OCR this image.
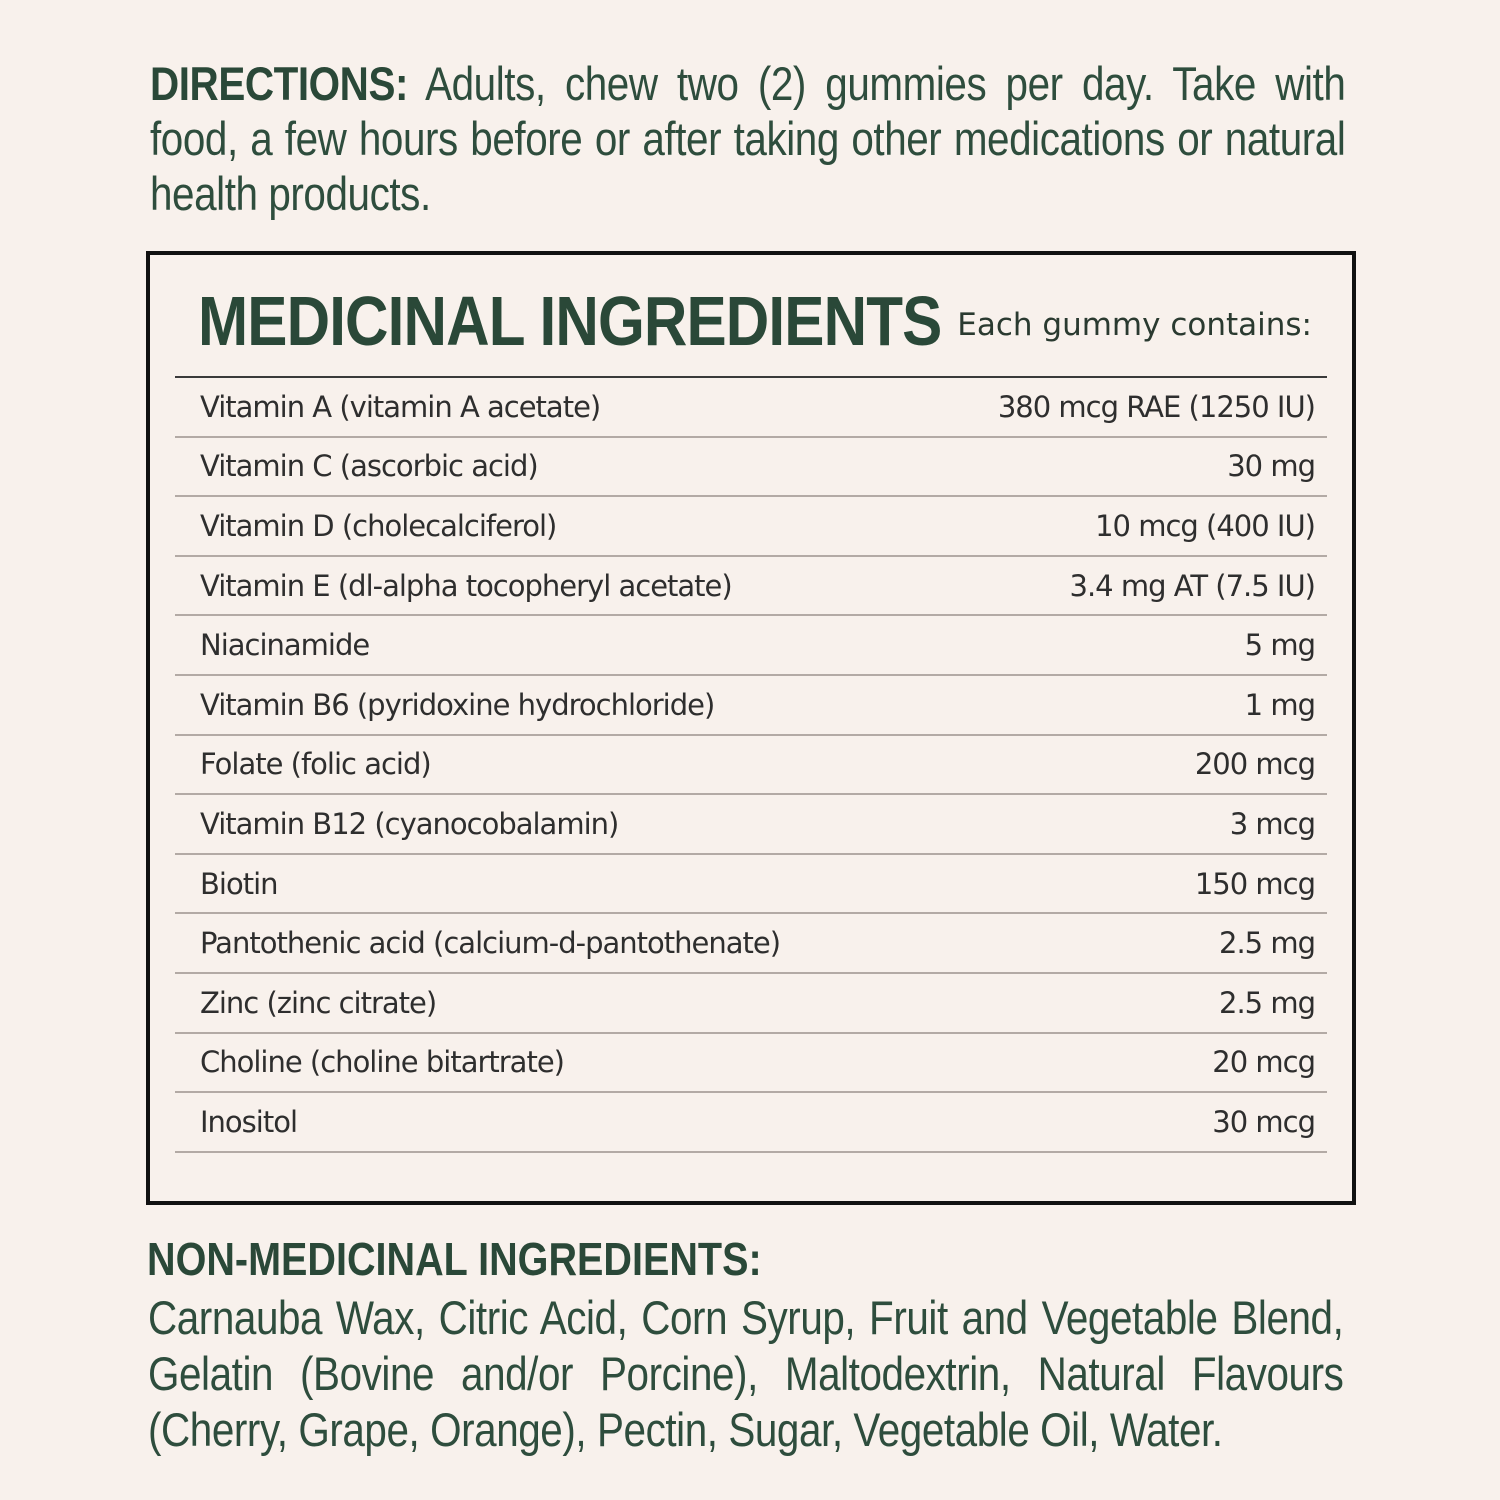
DIRECTIONS: Adults, chew two (2) gummies per day. Take with food, a few hours before or after taking other medications or natural health products.
MEDICINAL INGREDIENTS Each gummy contains:
Vitamin A (vitamin A acetate)	380 mcg RAE (1250 IU)
Vitamin C (ascorbic acid)	30 mg
Vitamin D (cholecalciferol)	10 mcg (400 IU)
Vitamin E (dl-alpha tocopheryl acetate)	3.4 mg AT (7.5 IU)
Niacinamide	5 mg
Vitamin B6 (pyridoxine hydrochloride)	1 mg
Folate (folic acid)	200 mcg
Vitamin B12 (cyanocobalamin)	3 mcg
Biotin	150 mcg
Pantothenic acid (calcium-d-pantothenate)	2.5 mg
Zinc (zinc citrate)	2.5 mg
Choline (choline bitartrate)	20 mcg
Inositol	30 mcg
NON-MEDICINAL INGREDIENTS:
Carnauba Wax, Citric Acid, Corn Syrup, Fruit and Vegetable Blend, Gelatin (Bovine and/or Porcine), Maltodextrin, Natural Flavours (Cherry, Grape, Orange), Pectin, Sugar, Vegetable Oil, Water.
